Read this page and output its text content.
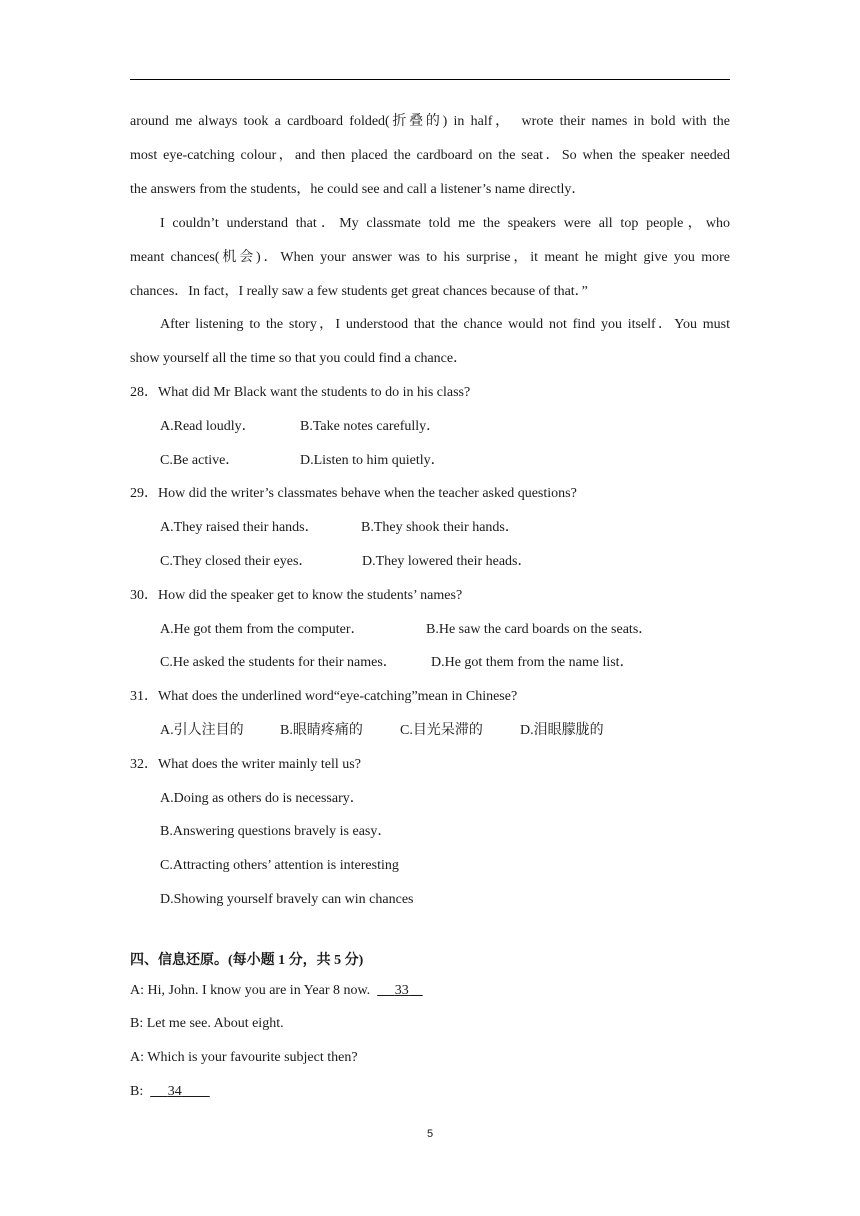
around me always took a cardboard folded(折叠的) in half，　wrote their names in bold with the
most eye-catching colour，and then placed the cardboard on the seat．So when the speaker needed
the answers from the students，he could see and call a listener’s name directly．
I couldn’t understand that．My classmate told me the speakers were all top people，who
meant chances(机会)．When your answer was to his surprise，it meant he might give you more
chances．In fact，I really saw a few students get great chances because of that．”
After listening to the story，I understood that the chance would not find you itself．You must
show yourself all the time so that you could find a chance．
28．What did Mr Black want the students to do in his class?
A.Read loudly．	B.Take notes carefully．
C.Be active．	D.Listen to him quietly．
29．How did the writer’s classmates behave when the teacher asked questions?
A.They raised their hands．	B.They shook their hands．
C.They closed their eyes．	D.They lowered their heads．
30．How did the speaker get to know the students’ names?
A.He got them from the computer．	B.He saw the card boards on the seats．
C.He asked the students for their names． D.He got them from the name list．
31．What does the underlined word“eye-catching”mean in Chinese?
A.引人注目的	B.眼睛疼痛的	C.目光呆滞的	D.泪眼朦胧的
32．What does the writer mainly tell us?
A.Doing as others do is necessary．
B.Answering questions bravely is easy．
C.Attracting others’ attention is interesting
D.Showing yourself bravely can win chances
四、信息还原。(每小题 1 分，共 5 分)
A: Hi, John. I know you are in Year 8 now. 33 _
B: Let me see. About eight.
A: Which is your favourite subject then?
B: 34
5
